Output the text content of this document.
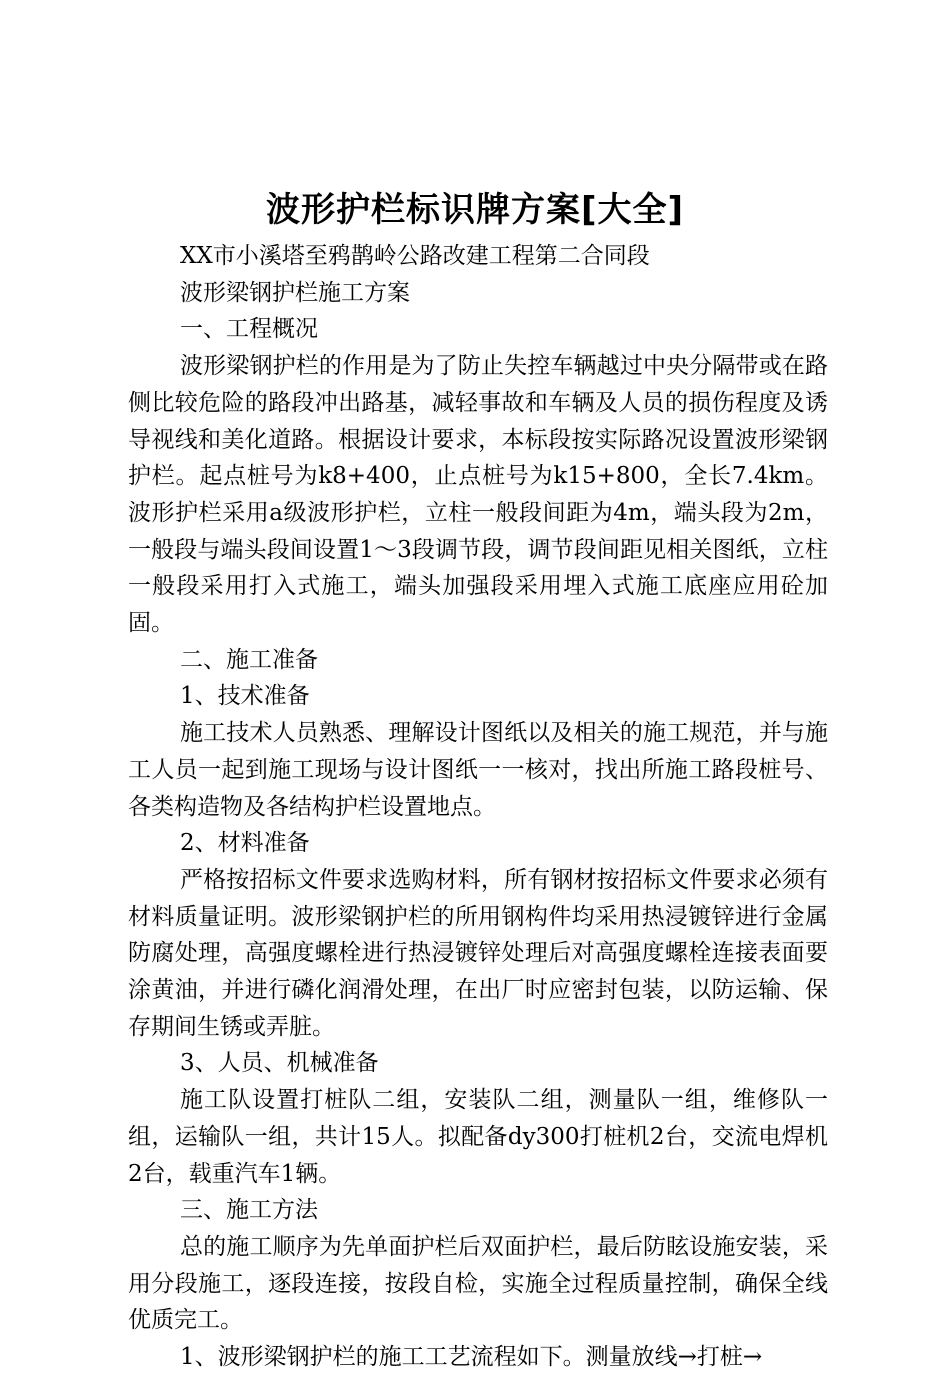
波形护栏标识牌方案[大全]

XX市小溪塔至鸦鹊岭公路改建工程第二合同段

波形梁钢护栏施工方案

一、工程概况

波形梁钢护栏的作用是为了防止失控车辆越过中央分隔带或在路侧比较危险的路段冲出路基，减轻事故和车辆及人员的损伤程度及诱导视线和美化道路。根据设计要求，本标段按实际路况设置波形梁钢护栏。起点桩号为k8+400，止点桩号为k15+800，全长7.4km。波形护栏采用a级波形护栏，立柱一般段间距为4m，端头段为2m，一般段与端头段间设置1～3段调节段，调节段间距见相关图纸，立柱一般段采用打入式施工，端头加强段采用埋入式施工底座应用砼加固。

二、施工准备

1、技术准备

施工技术人员熟悉、理解设计图纸以及相关的施工规范，并与施工人员一起到施工现场与设计图纸一一核对，找出所施工路段桩号、各类构造物及各结构护栏设置地点。

2、材料准备

严格按招标文件要求选购材料，所有钢材按招标文件要求必须有材料质量证明。波形梁钢护栏的所用钢构件均采用热浸镀锌进行金属防腐处理，高强度螺栓进行热浸镀锌处理后对高强度螺栓连接表面要涂黄油，并进行磷化润滑处理，在出厂时应密封包装，以防运输、保存期间生锈或弄脏。

3、人员、机械准备

施工队设置打桩队二组，安装队二组，测量队一组，维修队一组，运输队一组，共计15人。拟配备dy300打桩机2台，交流电焊机2台，载重汽车1辆。

三、施工方法

总的施工顺序为先单面护栏后双面护栏，最后防眩设施安装，采用分段施工，逐段连接，按段自检，实施全过程质量控制，确保全线优质完工。

1、波形梁钢护栏的施工工艺流程如下。测量放线→打桩→
